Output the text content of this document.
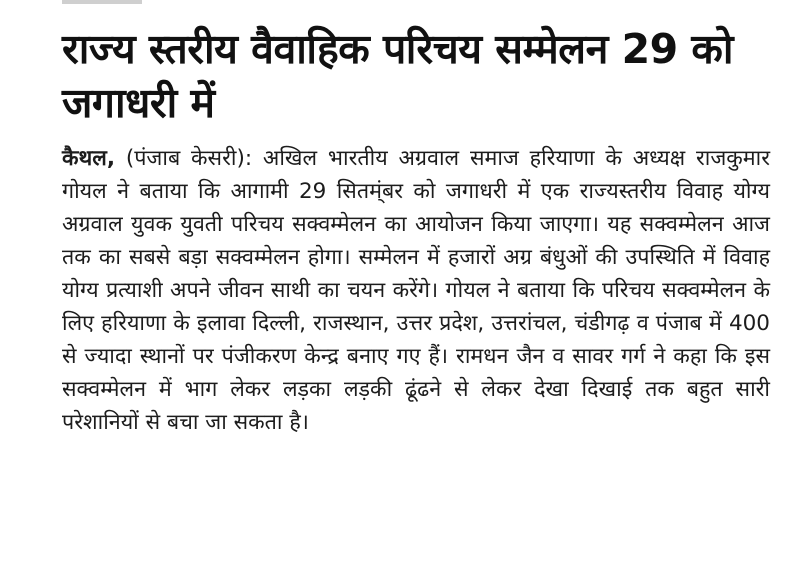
राज्य स्तरीय वैवाहिक परिचय सम्मेलन 29 को जगाधरी में

कैथल, (पंजाब केसरी): अखिल भारतीय अग्रवाल समाज हरियाणा के अध्यक्ष राजकुमार गोयल ने बताया कि आगामी 29 सितम्ंबर को जगाधरी में एक राज्यस्तरीय विवाह योग्य अग्रवाल युवक युवती परिचय सक्वम्मेलन का आयोजन किया जाएगा। यह सक्वम्मेलन आज तक का सबसे बड़ा सक्वम्मेलन होगा। सम्मेलन में हजारों अग्र बंधुओं की उपस्थिति में विवाह योग्य प्रत्याशी अपने जीवन साथी का चयन करेंगे। गोयल ने बताया कि परिचय सक्वम्मेलन के लिए हरियाणा के इलावा दिल्ली, राजस्थान, उत्तर प्रदेश, उत्तरांचल, चंडीगढ़ व पंजाब में 400 से ज्यादा स्थानों पर पंजीकरण केन्द्र बनाए गए हैं। रामधन जैन व सावर गर्ग ने कहा कि इस सक्वम्मेलन में भाग लेकर लड़का लड़की ढूंढने से लेकर देखा दिखाई तक बहुत सारी परेशानियों से बचा जा सकता है।
